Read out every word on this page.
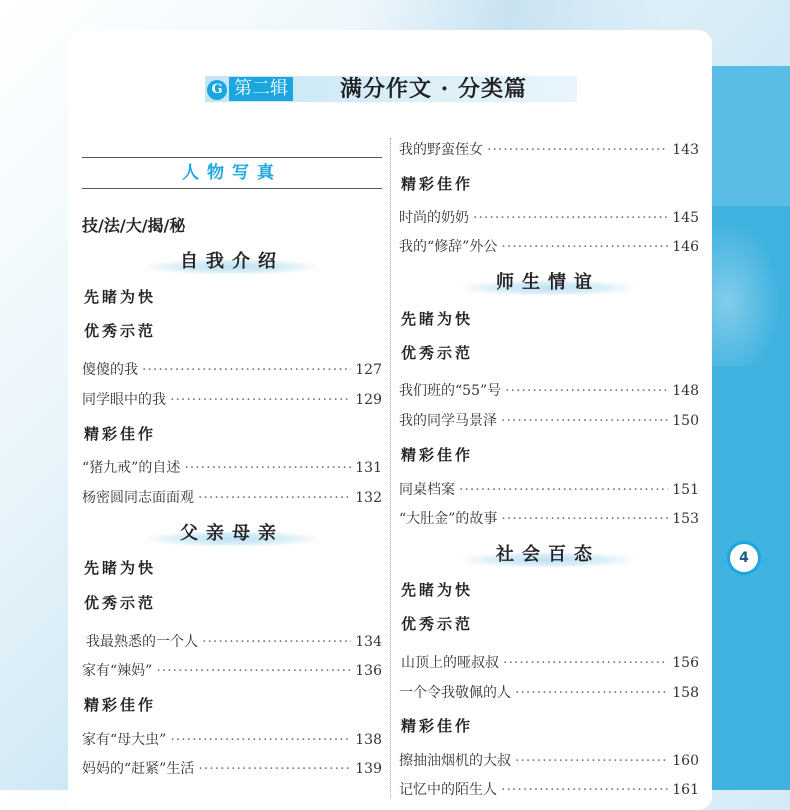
G 第二辑 满分作文 · 分类篇
人物写真
技/法/大/揭/秘
自我介绍
先睹为快
优秀示范
傻傻的我 ·····	127
同学眼中的我 ·····	129
精彩佳作
“猪九戒”的自述 ·····	131
杨密圆同志面面观 ·····	132
父亲母亲
先睹为快
优秀示范
我最熟悉的一个人 ·····	134
家有“辣妈” ·····	136
精彩佳作
家有“母大虫” ·····	138
妈妈的“赶紧”生活 ·····	139
我的野蛮侄女 ·····	143
精彩佳作
时尚的奶奶 ·····	145
我的“修辞”外公 ·····	146
师生情谊
先睹为快
优秀示范
我们班的“55”号 ·····	148
我的同学马景泽 ·····	150
精彩佳作
同桌档案 ·····	151
“大肚金”的故事 ·····	153
社会百态
先睹为快
优秀示范
山顶上的哑叔叔 ·····	156
一个令我敬佩的人 ·····	158
精彩佳作
擦抽油烟机的大叔 ·····	160
记忆中的陌生人 ·····	161
4
